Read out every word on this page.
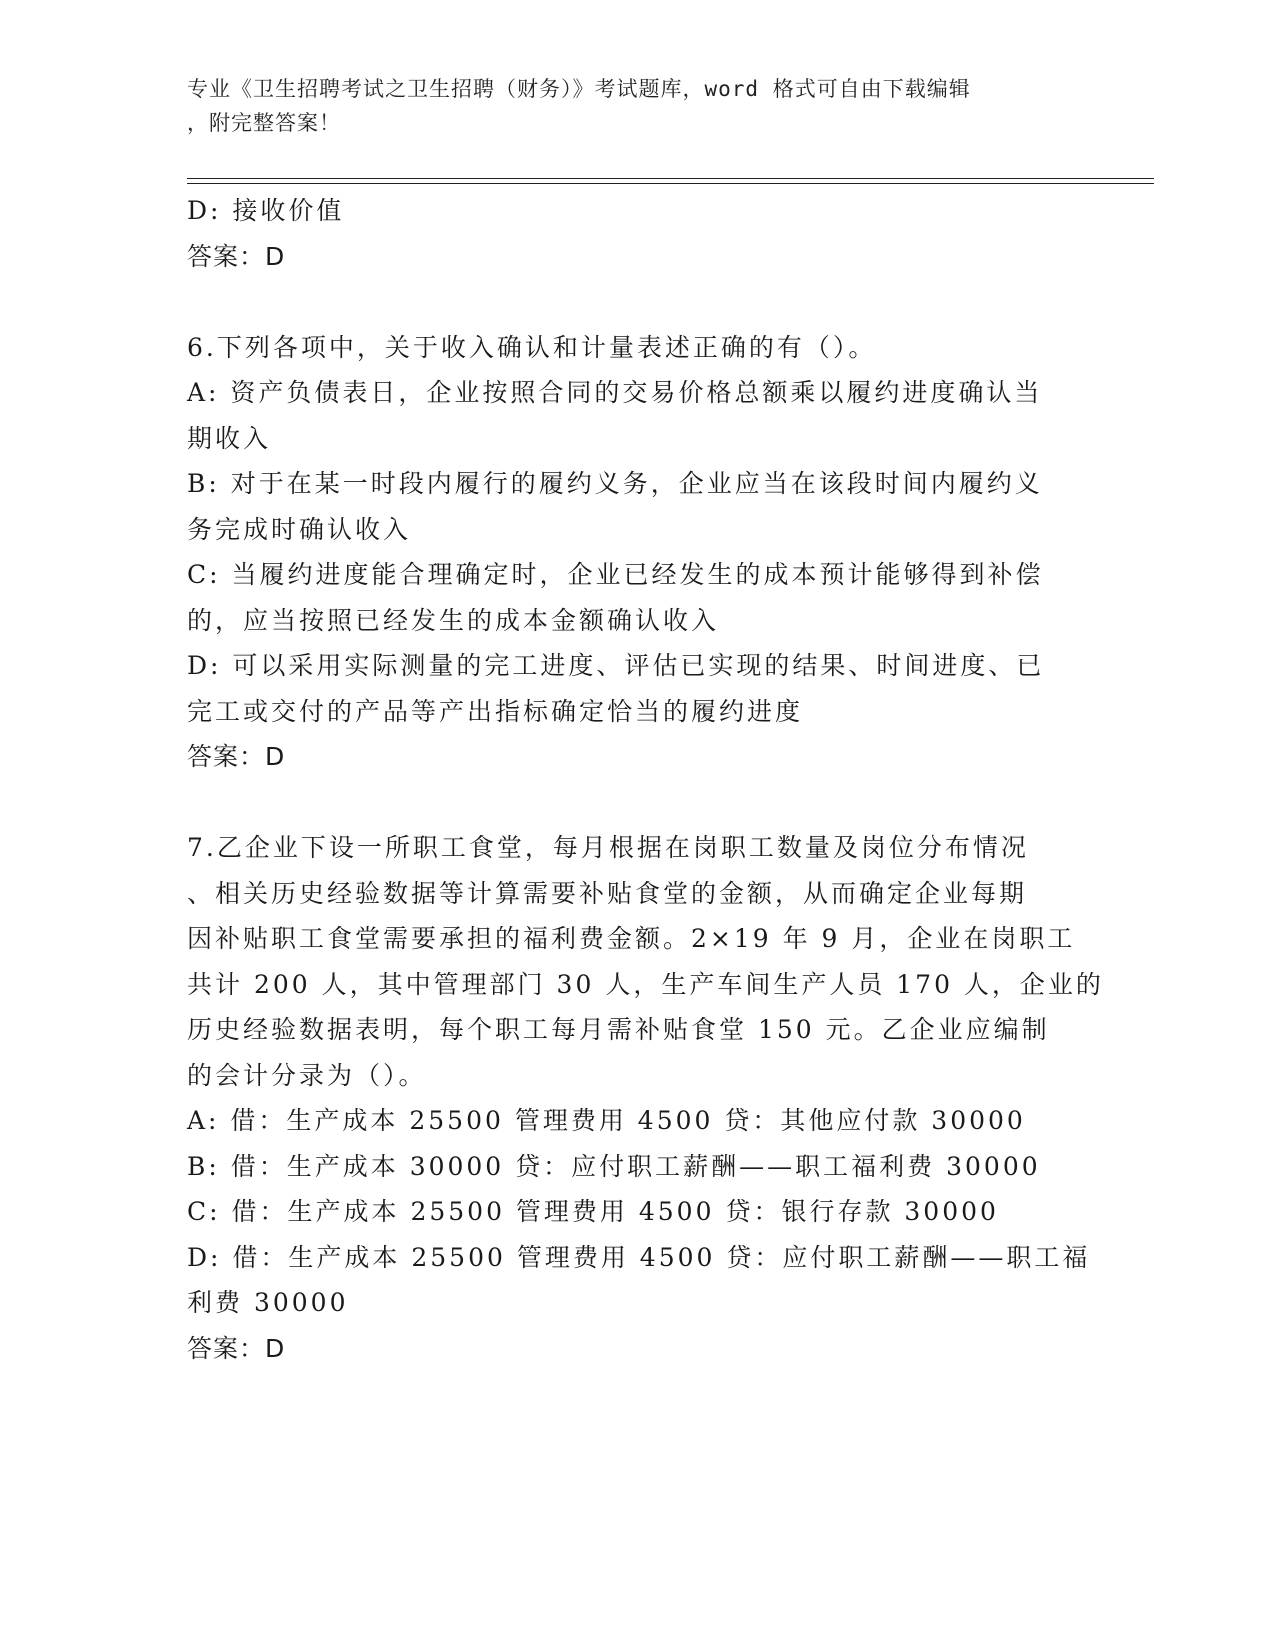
专业《卫生招聘考试之卫生招聘（财务）》考试题库，word 格式可自由下载编辑
，附完整答案！
D: 接收价值
答案：D
6.下列各项中，关于收入确认和计量表述正确的有（）。
A: 资产负债表日，企业按照合同的交易价格总额乘以履约进度确认当
期收入
B: 对于在某一时段内履行的履约义务，企业应当在该段时间内履约义
务完成时确认收入
C: 当履约进度能合理确定时，企业已经发生的成本预计能够得到补偿
的，应当按照已经发生的成本金额确认收入
D: 可以采用实际测量的完工进度、评估已实现的结果、时间进度、已
完工或交付的产品等产出指标确定恰当的履约进度
答案：D
7.乙企业下设一所职工食堂，每月根据在岗职工数量及岗位分布情况
、相关历史经验数据等计算需要补贴食堂的金额，从而确定企业每期
因补贴职工食堂需要承担的福利费金额。2×19 年 9 月，企业在岗职工
共计 200 人，其中管理部门 30 人，生产车间生产人员 170 人，企业的
历史经验数据表明，每个职工每月需补贴食堂 150 元。乙企业应编制
的会计分录为（）。
A: 借：生产成本 25500 管理费用 4500 贷：其他应付款 30000
B: 借：生产成本 30000 贷：应付职工薪酬——职工福利费 30000
C: 借：生产成本 25500 管理费用 4500 贷：银行存款 30000
D: 借：生产成本 25500 管理费用 4500 贷：应付职工薪酬——职工福
利费 30000
答案：D
